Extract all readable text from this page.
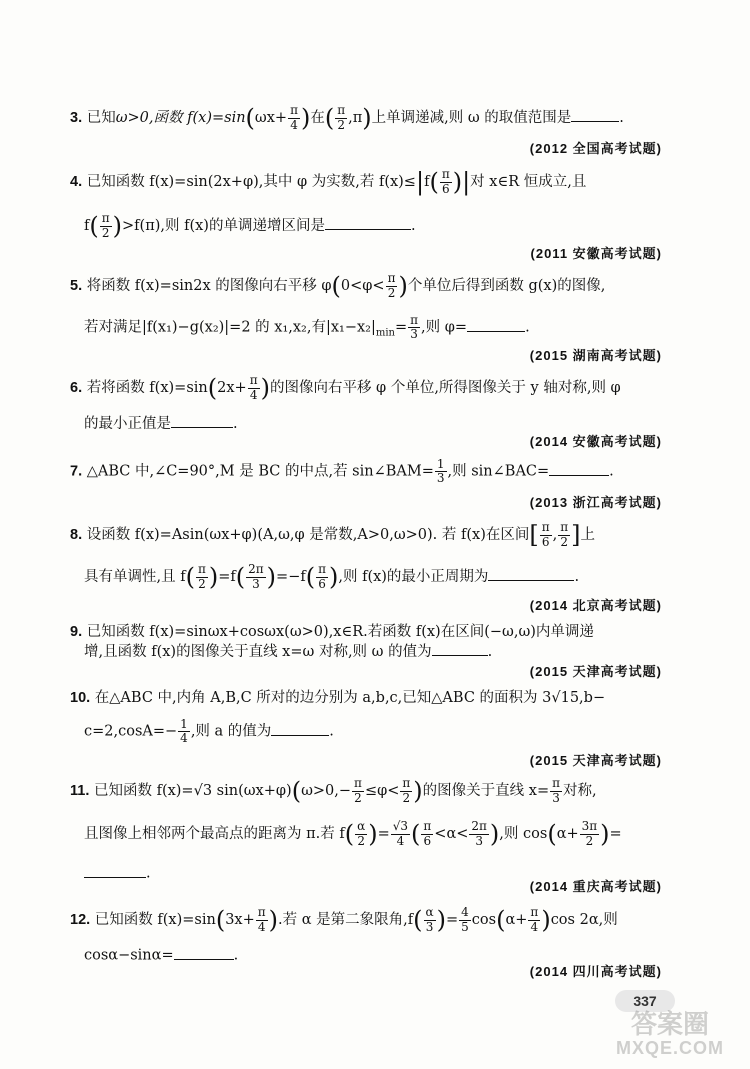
3. 已知ω>0,函数 $f(x)=\sin(\omega x+ \frac{\pi}{4}$ )在( $\frac{\pi}{2} ,\pi$)上单调递减,则 ω 的取值范围是	.
(2012 全国高考试题)
4. 已知函数 f(x)=sin(2x+φ),其中 φ 为实数,若 $f(x)\le|f( \frac{\pi}{6}$ )|对 x∈R 恒成立,且
$f( \frac{\pi}{2} )>f(\pi)$,则 f(x)的单调递增区间是	.
(2011 安徽高考试题)
5. 将函数 f(x)=sin2x 的图像向右平移 $\varphi(0<\varphi< \frac{\pi}{2}$ )个单位后得到函数 g(x)的图像,
若对满足|f(x₁)−g(x₂)|=2 的 x₁,x₂,有$|x_1-x_2|_{min}= \frac{\pi}{3}$ ,则 φ=	.
(2015 湖南高考试题)
6. 若将函数 $f(x)=\sin(2x+ \frac{\pi}{4}$ )的图像向右平移 φ 个单位,所得图像关于 y 轴对称,则 φ
的最小正值是	.
(2014 安徽高考试题)
7. △ABC 中,∠C=90°,M 是 BC 的中点,若 sin∠BAM= $\frac{1}{3}$ ,则 sin∠BAC=	.
(2013 浙江高考试题)
8. 设函数 f(x)=Asin(ωx+φ)(A,ω,φ 是常数,A>0,ω>0). 若 f(x)在区间[ $\frac{\pi}{6}$ , $\frac{\pi}{2}$ ]上
具有单调性,且 $f( \frac{\pi}{2} )=f( \frac{2\pi}{3} )=-f( \frac{\pi}{6}$ ),则 f(x)的最小正周期为	.
(2014 北京高考试题)
9. 已知函数 f(x)=sinωx+cosωx(ω>0),x∈R.若函数 f(x)在区间(−ω,ω)内单调递
增,且函数 f(x)的图像关于直线 x=ω 对称,则 ω 的值为	.
(2015 天津高考试题)
10. 在△ABC 中,内角 A,B,C 所对的边分别为 a,b,c,已知△ABC 的面积为 3√15,b−
$c=2,\cos A=- \frac{1}{4}$ ,则 a 的值为	.
(2015 天津高考试题)
11. 已知函数 f(x)=√3 $\sin(\omega x+\varphi)(\omega>0,- \frac{\pi}{2} \le\varphi< \frac{\pi}{2}$ )的图像关于直线 $x= \frac{\pi}{3}$ 对称,
且图像上相邻两个最高点的距离为 π.若 $f( \frac{\alpha}{2}$ )= $\frac{√3}{4}$ ( $\frac{\pi}{6} <\alpha< \frac{2\pi}{3}$ ),则 $\cos(\alpha+ \frac{3\pi}{2}$ )=
.
(2014 重庆高考试题)
12. 已知函数 $f(x)=\sin(3x+ \frac{\pi}{4}$ ).若 α 是第二象限角$,f( \frac{\alpha}{3}$ )= $\frac{4}{5} \cos(\alpha+ \frac{\pi}{4} )\cos$ 2α,则
cosα−sinα=	.
(2014 四川高考试题)
337
答案圈
MXQE.COM
